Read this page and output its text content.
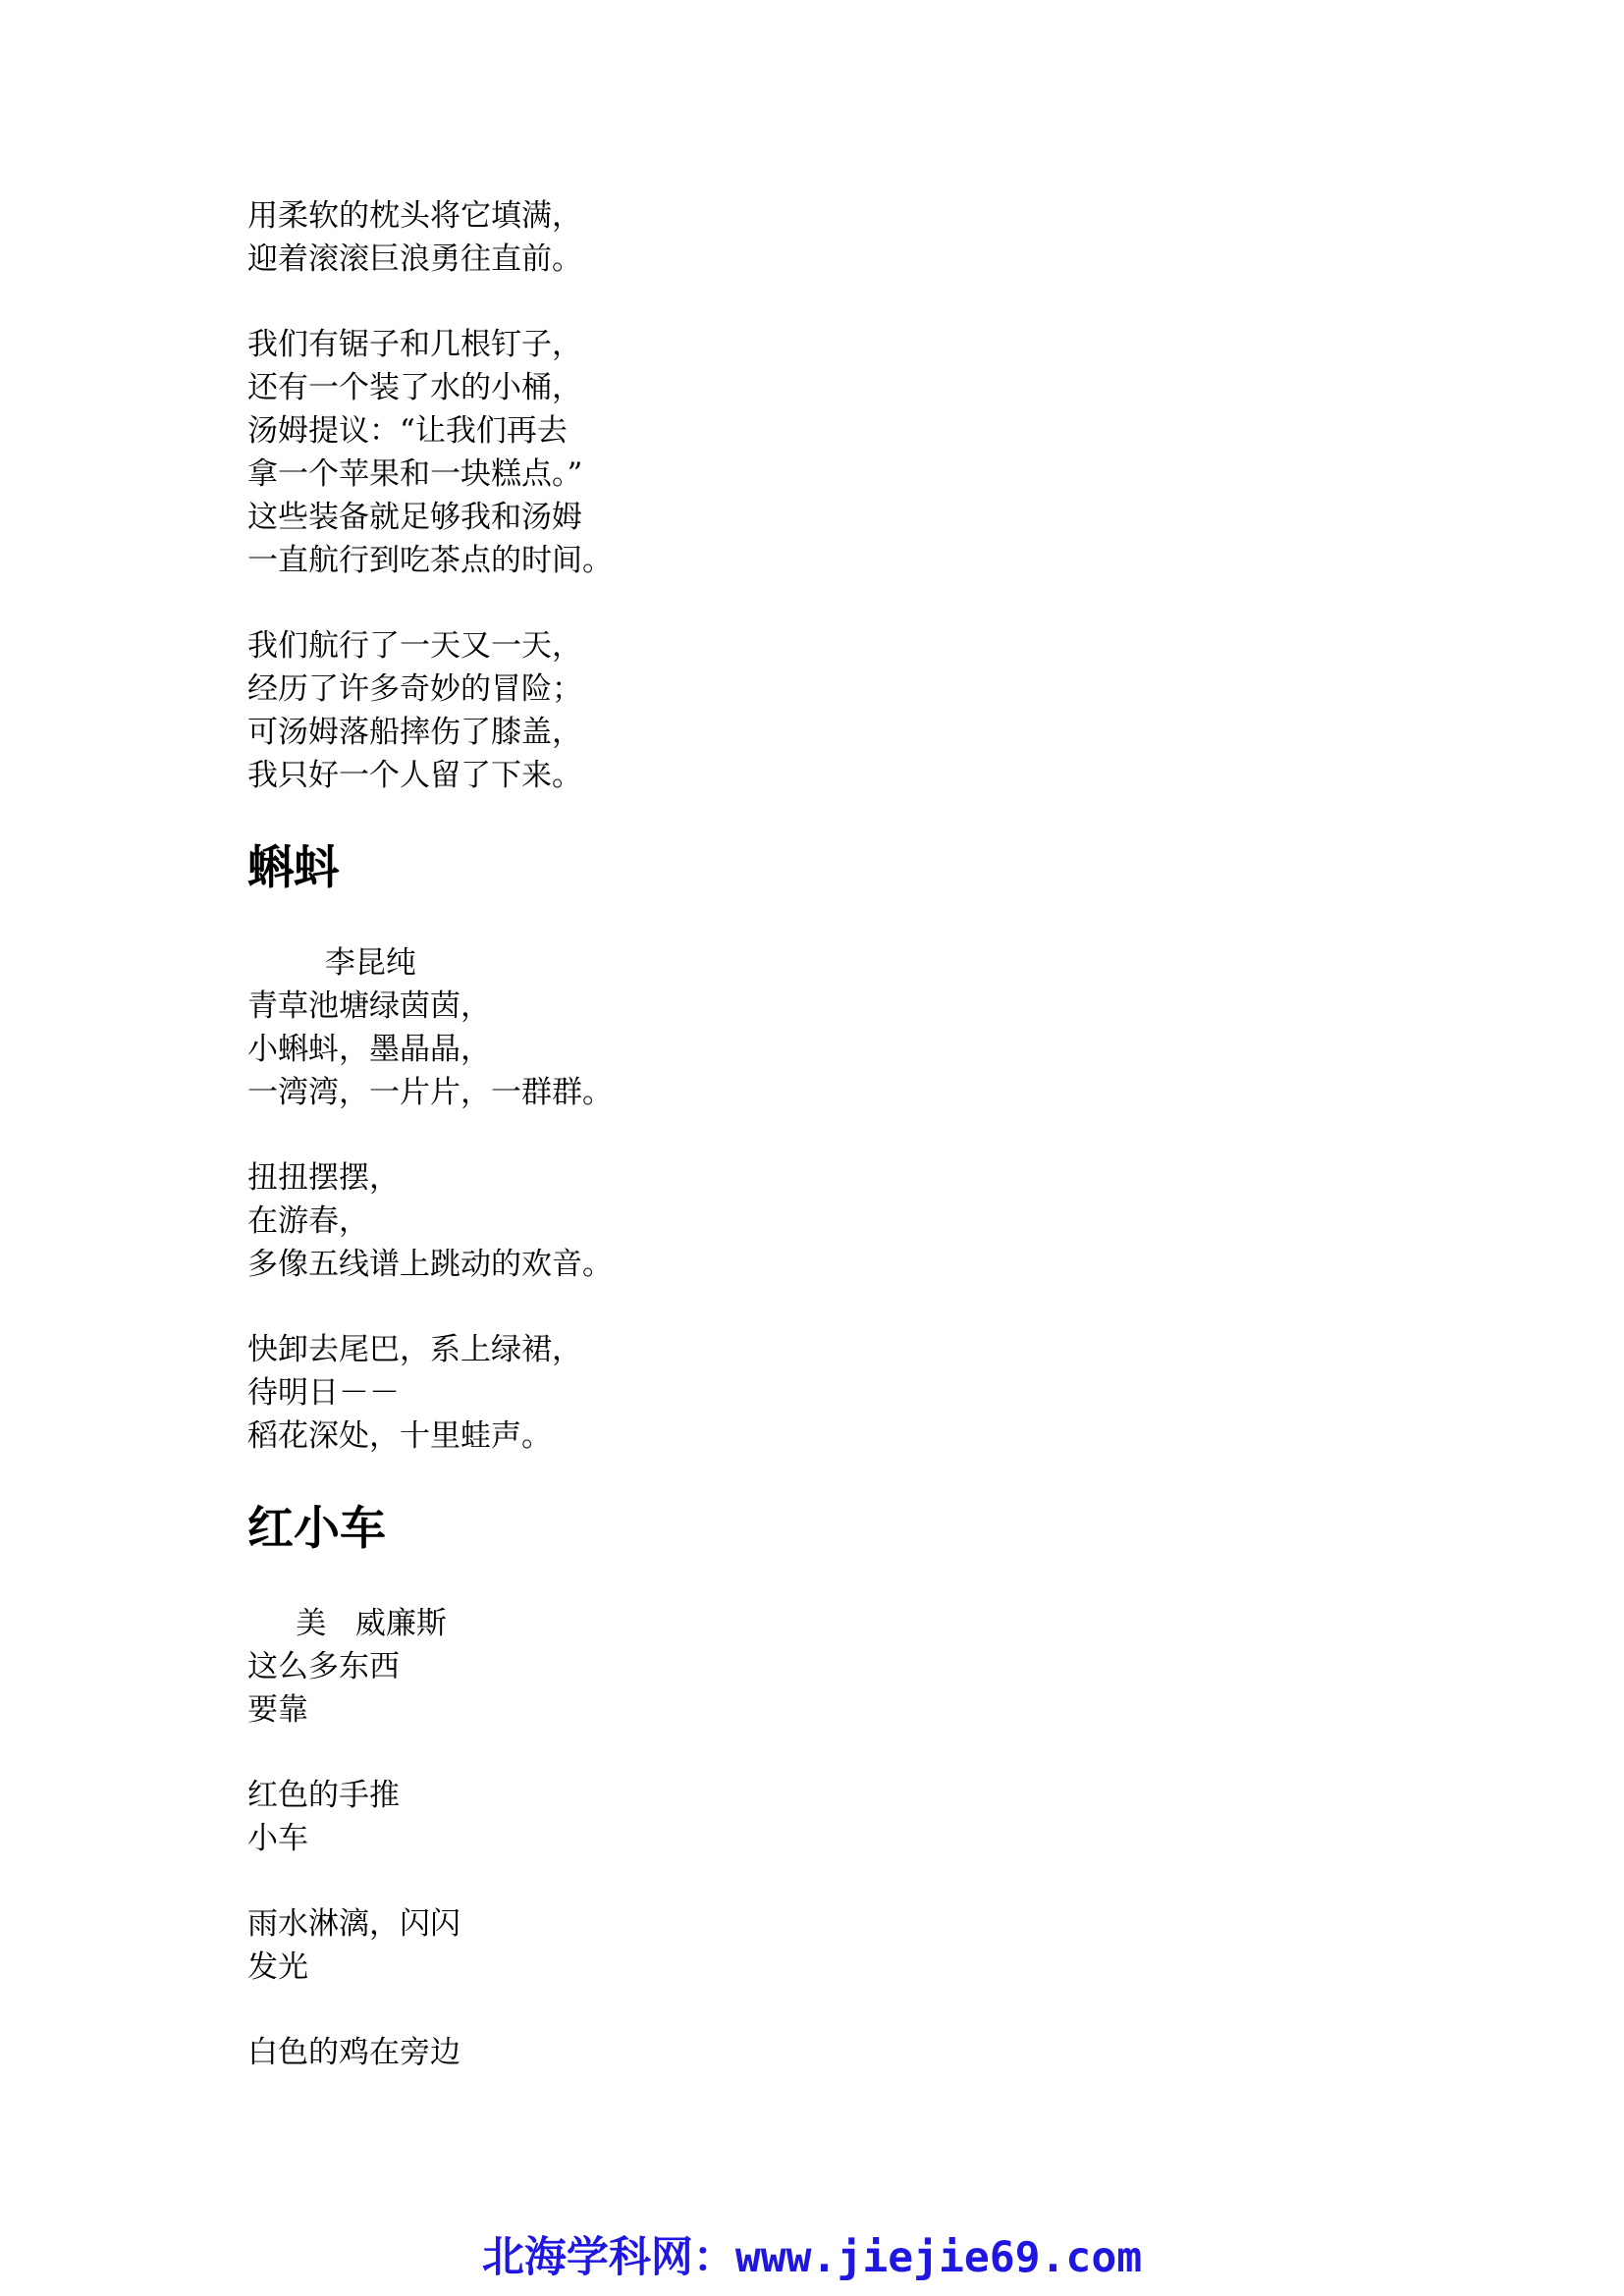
用柔软的枕头将它填满，
迎着滚滚巨浪勇往直前。
我们有锯子和几根钉子，
还有一个装了水的小桶，
汤姆提议：“让我们再去
拿一个苹果和一块糕点。”
这些装备就足够我和汤姆
一直航行到吃茶点的时间。
我们航行了一天又一天，
经历了许多奇妙的冒险；
可汤姆落船摔伤了膝盖，
我只好一个人留了下来。
蝌蚪
李昆纯
青草池塘绿茵茵，
小蝌蚪，墨晶晶，
一湾湾，一片片，一群群。
扭扭摆摆，
在游春，
多像五线谱上跳动的欢音。
快卸去尾巴，系上绿裙，
待明日－－
稻花深处，十里蛙声。
红小车
美   威廉斯
这么多东西
要靠
红色的手推
小车
雨水淋漓，闪闪
发光
白色的鸡在旁边
北海学科网：www.jiejie69.com
